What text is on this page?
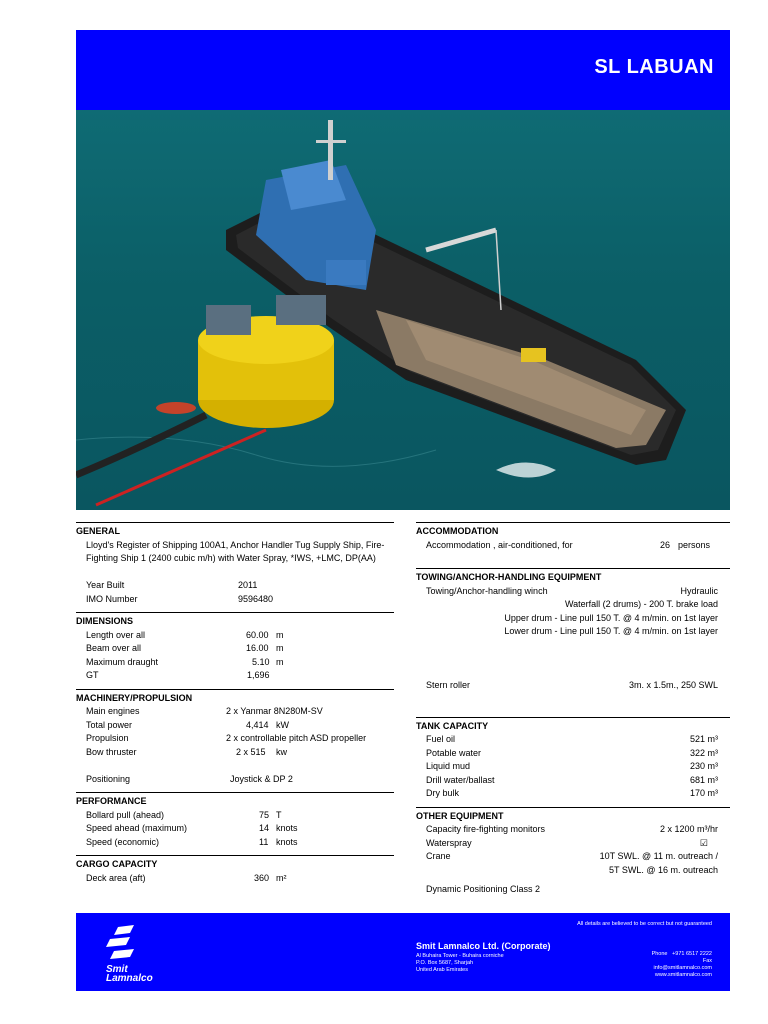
SL LABUAN
GENERAL
Lloyd's Register of Shipping 100A1, Anchor Handler Tug Supply Ship, Fire-
Fighting Ship 1 (2400 cubic m/h) with Water Spray, *IWS, +LMC, DP(AA)
Year Built	2011
IMO Number	9596480
DIMENSIONS
Length over all	60.00 m
Beam over all	16.00 m
Maximum draught	5.10 m
GT	1,696
MACHINERY/PROPULSION
Main engines	2 x Yanmar 8N280M-SV
Total power	4,414 kW
Propulsion	2 x controllable pitch ASD propeller
Bow thruster	2 x 515 kw
Positioning	Joystick & DP 2
PERFORMANCE
Bollard pull (ahead)	75 T
Speed ahead (maximum)	14 knots
Speed (economic)	11 knots
CARGO CAPACITY
Deck area (aft)	360 m²
ACCOMMODATION
Accommodation , air-conditioned, for	26 persons
TOWING/ANCHOR-HANDLING EQUIPMENT
Towing/Anchor-handling winch	Hydraulic
Waterfall (2 drums) - 200 T. brake load
Upper drum - Line pull 150 T. @ 4 m/min. on 1st layer
Lower drum - Line pull 150 T. @ 4 m/min. on 1st layer
Stern roller	3m. x 1.5m., 250 SWL
TANK CAPACITY
Fuel oil	521 m³
Potable water	322 m³
Liquid mud	230 m³
Drill water/ballast	681 m³
Dry bulk	170 m³
OTHER EQUIPMENT
Capacity fire-fighting monitors	2 x 1200 m³/hr
Waterspray	☑
Crane	10T SWL. @ 11 m. outreach /
5T SWL. @ 16 m. outreach
Dynamic Positioning Class 2
Smit
Lamnalco
All details are believed to be correct but not guaranteed
Smit Lamnalco Ltd. (Corporate)
Al Buhaira Tower - Buhaira corniche
P.O. Box 5687, Sharjah
United Arab Emirates
Phone +971 6517 2222
Fax
info@smitlamnalco.com
www.smitlamnalco.com
